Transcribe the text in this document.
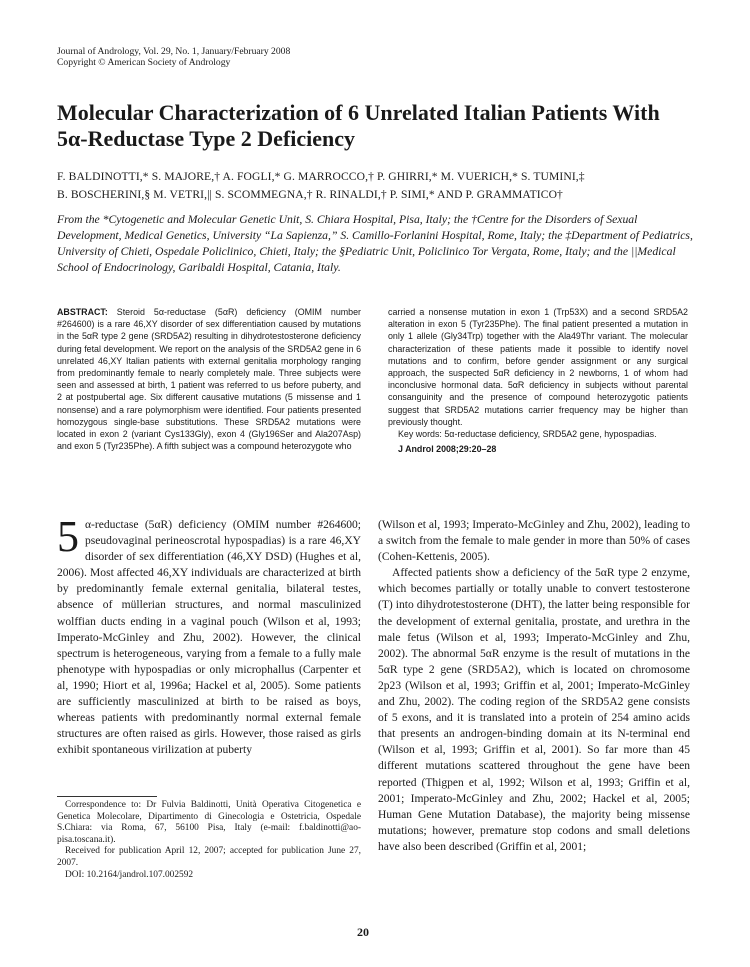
Journal of Andrology, Vol. 29, No. 1, January/February 2008
Copyright © American Society of Andrology
Molecular Characterization of 6 Unrelated Italian Patients With
5α-Reductase Type 2 Deficiency
F. BALDINOTTI,* S. MAJORE,† A. FOGLI,* G. MARROCCO,† P. GHIRRI,* M. VUERICH,* S. TUMINI,‡
B. BOSCHERINI,§ M. VETRI,|| S. SCOMMEGNA,† R. RINALDI,† P. SIMI,* AND P. GRAMMATICO†
From the *Cytogenetic and Molecular Genetic Unit, S. Chiara Hospital, Pisa, Italy; the †Centre for the Disorders of Sexual Development, Medical Genetics, University “La Sapienza,” S. Camillo-Forlanini Hospital, Rome, Italy; the ‡Department of Pediatrics, University of Chieti, Ospedale Policlinico, Chieti, Italy; the §Pediatric Unit, Policlinico Tor Vergata, Rome, Italy; and the ||Medical School of Endocrinology, Garibaldi Hospital, Catania, Italy.
ABSTRACT: Steroid 5α-reductase (5αR) deficiency (OMIM number #264600) is a rare 46,XY disorder of sex differentiation caused by mutations in the 5αR type 2 gene (SRD5A2) resulting in dihydrotestosterone deficiency during fetal development. We report on the analysis of the SRD5A2 gene in 6 unrelated 46,XY Italian patients with external genitalia morphology ranging from predominantly female to nearly completely male. Three subjects were seen and assessed at birth, 1 patient was referred to us before puberty, and 2 at postpubertal age. Six different causative mutations (5 missense and 1 nonsense) and a rare polymorphism were identified. Four patients presented homozygous single-base substitutions. These SRD5A2 mutations were located in exon 2 (variant Cys133Gly), exon 4 (Gly196Ser and Ala207Asp) and exon 5 (Tyr235Phe). A fifth subject was a compound heterozygote who
carried a nonsense mutation in exon 1 (Trp53X) and a second SRD5A2 alteration in exon 5 (Tyr235Phe). The final patient presented a mutation in only 1 allele (Gly34Trp) together with the Ala49Thr variant. The molecular characterization of these patients made it possible to identify novel mutations and to confirm, before gender assignment or any surgical approach, the suspected 5αR deficiency in 2 newborns, 1 of whom had inconclusive hormonal data. 5αR deficiency in subjects without parental consanguinity and the presence of compound heterozygotic patients suggest that SRD5A2 mutations carrier frequency may be higher than previously thought.
Key words: 5α-reductase deficiency, SRD5A2 gene, hypospadias.
J Androl 2008;29:20–28

5 α-reductase (5αR) deficiency (OMIM number #264600; pseudovaginal perineoscrotal hypospadias) is a rare 46,XY disorder of sex differentiation (46,XY DSD) (Hughes et al, 2006). Most affected 46,XY individuals are characterized at birth by predominantly female external genitalia, bilateral testes, absence of müllerian structures, and normal masculinized wolffian ducts ending in a vaginal pouch (Wilson et al, 1993; Imperato-McGinley and Zhu, 2002). However, the clinical spectrum is heterogeneous, varying from a female to a fully male phenotype with hypospadias or only microphallus (Carpenter et al, 1990; Hiort et al, 1996a; Hackel et al, 2005). Some patients are sufficiently masculinized at birth to be raised as boys, whereas patients with predominantly normal external female structures are often raised as girls. However, those raised as girls exhibit spontaneous virilization at puberty

(Wilson et al, 1993; Imperato-McGinley and Zhu, 2002), leading to a switch from the female to male gender in more than 50% of cases (Cohen-Kettenis, 2005).

Affected patients show a deficiency of the 5αR type 2 enzyme, which becomes partially or totally unable to convert testosterone (T) into dihydrotestosterone (DHT), the latter being responsible for the development of external genitalia, prostate, and urethra in the male fetus (Wilson et al, 1993; Imperato-McGinley and Zhu, 2002). The abnormal 5αR enzyme is the result of mutations in the 5αR type 2 gene (SRD5A2), which is located on chromosome 2p23 (Wilson et al, 1993; Griffin et al, 2001; Imperato-McGinley and Zhu, 2002). The coding region of the SRD5A2 gene consists of 5 exons, and it is translated into a protein of 254 amino acids that presents an androgen-binding domain at its N-terminal end (Wilson et al, 1993; Griffin et al, 2001). So far more than 45 different mutations scattered throughout the gene have been reported (Thigpen et al, 1992; Wilson et al, 1993; Griffin et al, 2001; Imperato-McGinley and Zhu, 2002; Hackel et al, 2005; Human Gene Mutation Database), the majority being missense mutations; however, premature stop codons and small deletions have also been described (Griffin et al, 2001;

Correspondence to: Dr Fulvia Baldinotti, Unità Operativa Citogenetica e Genetica Molecolare, Dipartimento di Ginecologia e Ostetricia, Ospedale S.Chiara: via Roma, 67, 56100 Pisa, Italy (e-mail: f.baldinotti@ao-pisa.toscana.it).

Received for publication April 12, 2007; accepted for publication June 27, 2007.

DOI: 10.2164/jandrol.107.002592

20
